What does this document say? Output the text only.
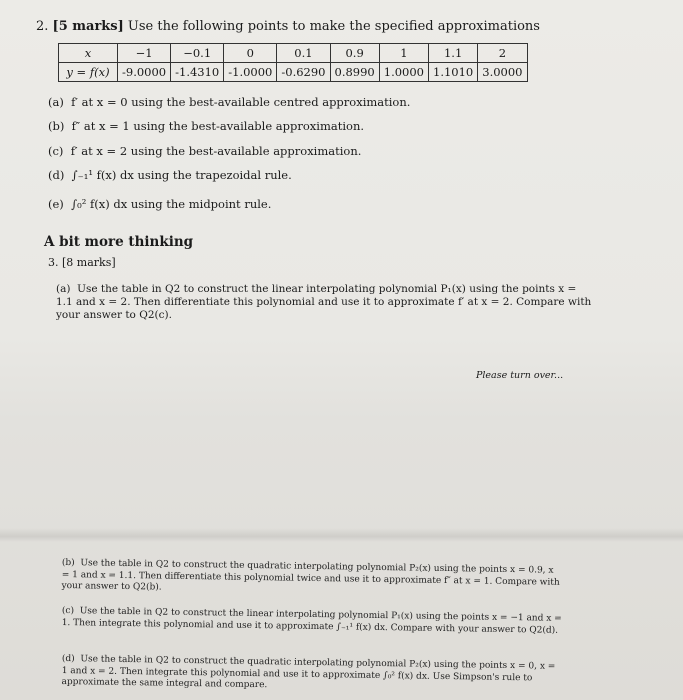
2. [5 marks] Use the following points to make the specified approximations
x	−1	−0.1	0	0.1	0.9	1	1.1	2
y = f(x)	-9.0000	-1.4310	-1.0000	-0.6290	0.8990	1.0000	1.1010	3.0000
(a) f′ at x = 0 using the best-available centred approximation.
(b) f″ at x = 1 using the best-available approximation.
(c) f′ at x = 2 using the best-available approximation.
(d) ∫₋₁¹ f(x) dx using the trapezoidal rule.
(e) ∫₀² f(x) dx using the midpoint rule.
A bit more thinking
3. [8 marks]
(a) Use the table in Q2 to construct the linear interpolating polynomial P₁(x) using the points x = 1.1 and x = 2. Then differentiate this polynomial and use it to approximate f′ at x = 2. Compare with your answer to Q2(c).
Please turn over...
(b) Use the table in Q2 to construct the quadratic interpolating polynomial P₂(x) using the points x = 0.9, x = 1 and x = 1.1. Then differentiate this polynomial twice and use it to approximate f″ at x = 1. Compare with your answer to Q2(b).
(c) Use the table in Q2 to construct the linear interpolating polynomial P₁(x) using the points x = −1 and x = 1. Then integrate this polynomial and use it to approximate ∫₋₁¹ f(x) dx. Compare with your answer to Q2(d).
(d) Use the table in Q2 to construct the quadratic interpolating polynomial P₂(x) using the points x = 0, x = 1 and x = 2. Then integrate this polynomial and use it to approximate ∫₀² f(x) dx. Use Simpson's rule to approximate the same integral and compare.
